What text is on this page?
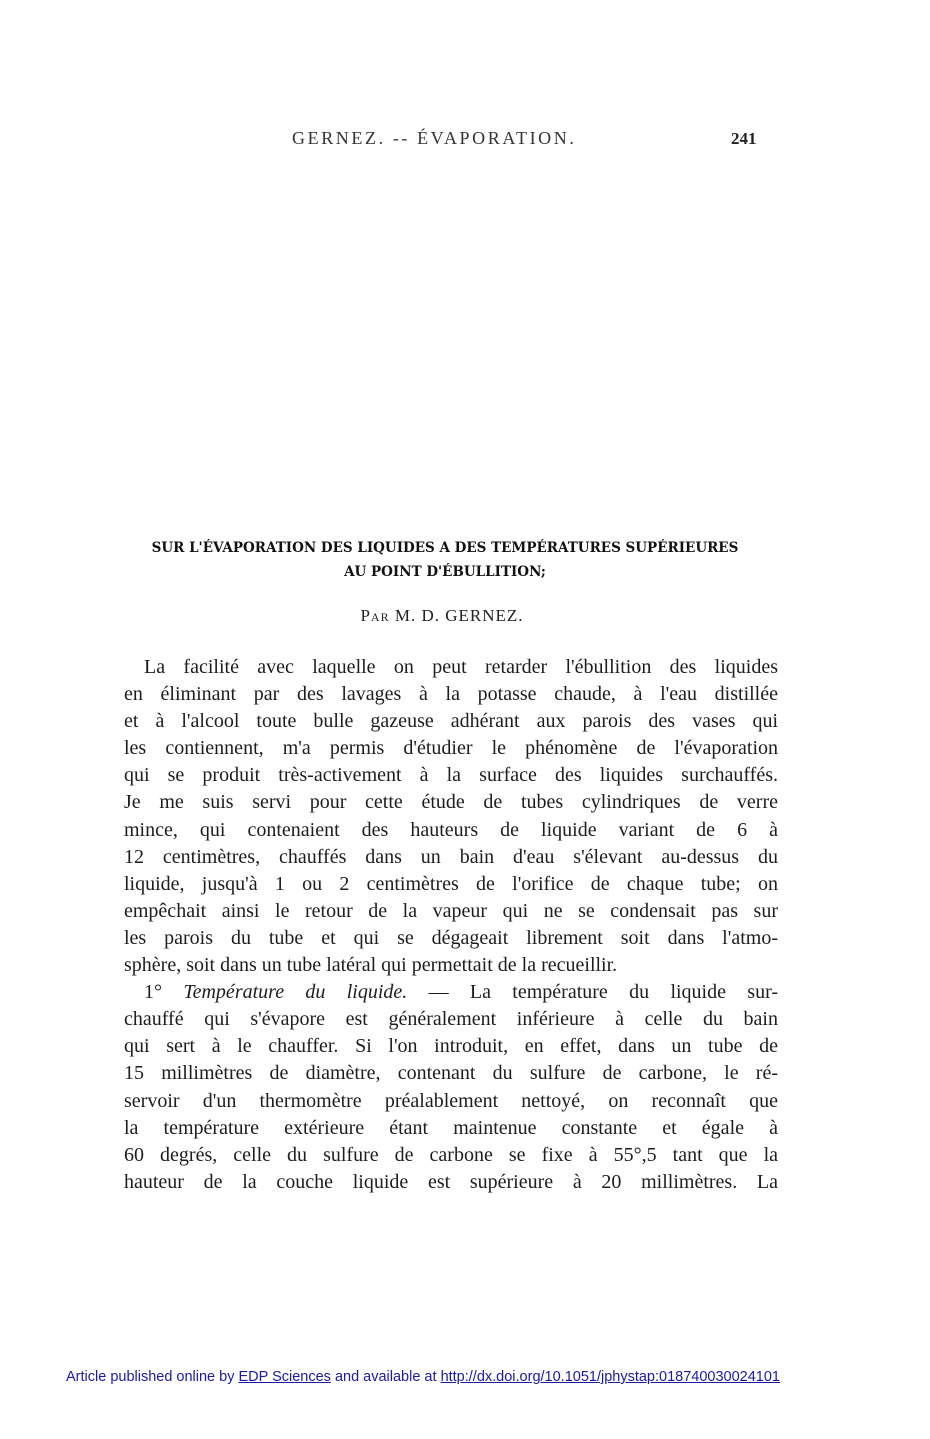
GERNEZ. -- ÉVAPORATION.	241
SUR L'ÉVAPORATION DES LIQUIDES A DES TEMPÉRATURES SUPÉRIEURES
AU POINT D'ÉBULLITION;
Par M. D. GERNEZ.
La facilité avec laquelle on peut retarder l'ébullition des liquides
en éliminant par des lavages à la potasse chaude, à l'eau distillée
et à l'alcool toute bulle gazeuse adhérant aux parois des vases qui
les contiennent, m'a permis d'étudier le phénomène de l'évaporation
qui se produit très-activement à la surface des liquides surchauffés.
Je me suis servi pour cette étude de tubes cylindriques de verre
mince, qui contenaient des hauteurs de liquide variant de 6 à
12 centimètres, chauffés dans un bain d'eau s'élevant au-dessus du
liquide, jusqu'à 1 ou 2 centimètres de l'orifice de chaque tube; on
empêchait ainsi le retour de la vapeur qui ne se condensait pas sur
les parois du tube et qui se dégageait librement soit dans l'atmo-
sphère, soit dans un tube latéral qui permettait de la recueillir.
1° Température du liquide. — La température du liquide sur-
chauffé qui s'évapore est généralement inférieure à celle du bain
qui sert à le chauffer. Si l'on introduit, en effet, dans un tube de
15 millimètres de diamètre, contenant du sulfure de carbone, le ré-
servoir d'un thermomètre préalablement nettoyé, on reconnaît que
la température extérieure étant maintenue constante et égale à
60 degrés, celle du sulfure de carbone se fixe à 55°,5 tant que la
hauteur de la couche liquide est supérieure à 20 millimètres. La
Article published online by EDP Sciences and available at http://dx.doi.org/10.1051/jphystap:018740030024101
